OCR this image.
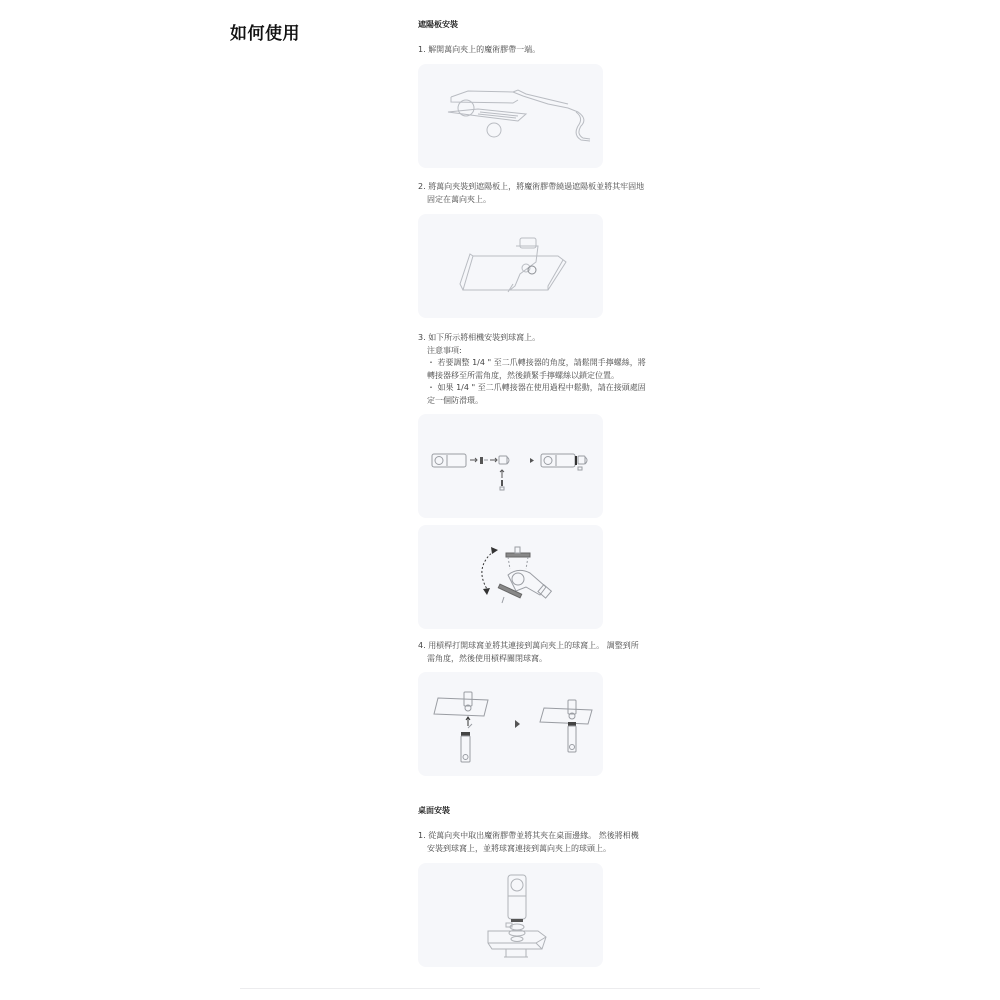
如何使用	遮陽板安裝

1. 解開萬向夾上的魔術膠帶一端。

2. 將萬向夾裝到遮陽板上，將魔術膠帶繞過遮陽板並將其牢固地
固定在萬向夾上。

3. 如下所示將相機安裝到球窩上。
注意事項:
・ 若要調整 1/4 " 至二爪轉接器的角度，請鬆開手擰螺絲，將
轉接器移至所需角度，然後鎖緊手擰螺絲以鎖定位置。
・ 如果 1/4 " 至二爪轉接器在使用過程中鬆動，請在接頭處固
定一個防滑環。

4. 用槓桿打開球窩並將其連接到萬向夾上的球窩上。 調整到所
需角度，然後使用槓桿關閉球窩。

桌面安裝

1. 從萬向夾中取出魔術膠帶並將其夾在桌面邊緣。 然後將相機
安裝到球窩上，並將球窩連接到萬向夾上的球頭上。
